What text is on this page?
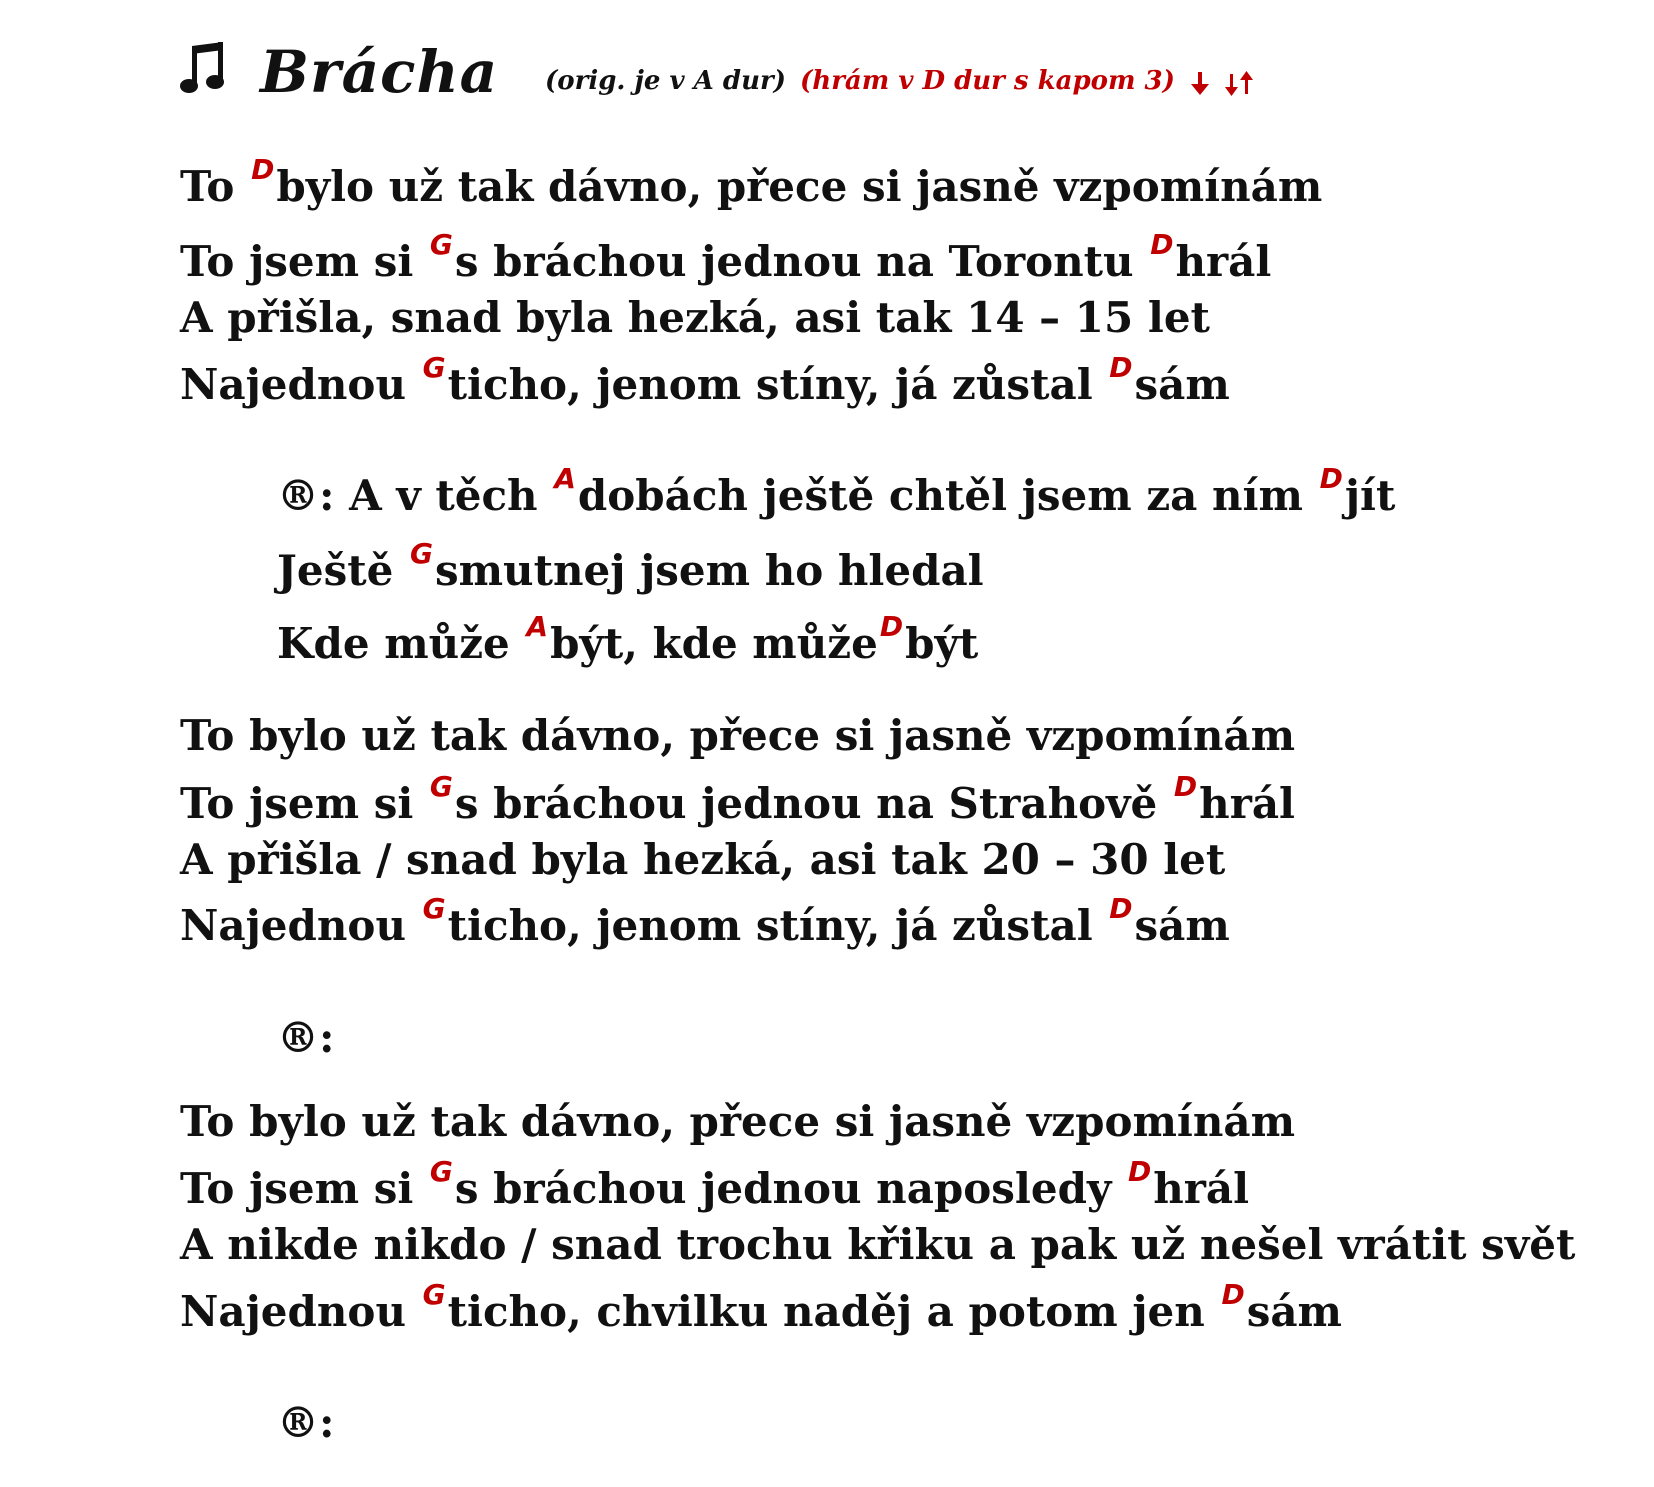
Brácha (orig. je v A dur) (hrám v D dur s kapom 3)
To Dbylo už tak dávno, přece si jasně vzpomínám
To jsem si Gs bráchou jednou na Torontu Dhrál
A přišla, snad byla hezká, asi tak 14 – 15 let
Najednou Gticho, jenom stíny, já zůstal Dsám
®: A v těch Adobách ještě chtěl jsem za ním Djít
Ještě Gsmutnej jsem ho hledal
Kde může Abýt, kde můžeDbýt
To bylo už tak dávno, přece si jasně vzpomínám
To jsem si Gs bráchou jednou na Strahově Dhrál
A přišla / snad byla hezká, asi tak 20 – 30 let
Najednou Gticho, jenom stíny, já zůstal Dsám
®:
To bylo už tak dávno, přece si jasně vzpomínám
To jsem si Gs bráchou jednou naposledy Dhrál
A nikde nikdo / snad trochu křiku a pak už nešel vrátit svět
Najednou Gticho, chvilku naděj a potom jen Dsám
®:
